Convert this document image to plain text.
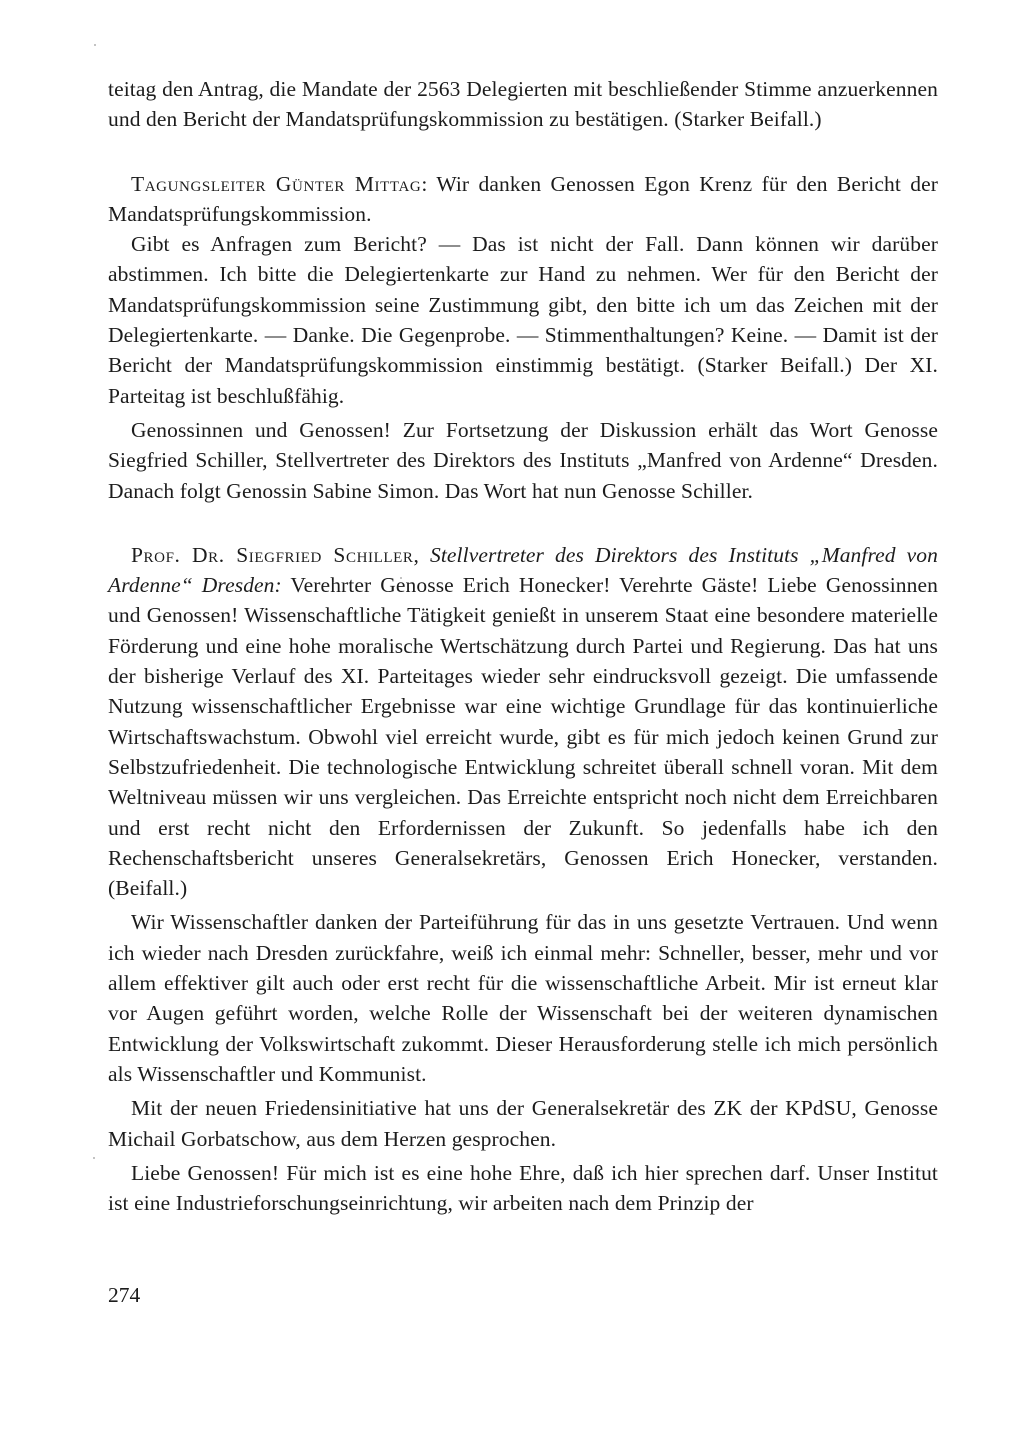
teitag den Antrag, die Mandate der 2563 Delegierten mit beschließender Stimme anzuerkennen und den Bericht der Mandatsprüfungskommission zu bestätigen. (Starker Beifall.)

Tagungsleiter Günter Mittag: Wir danken Genossen Egon Krenz für den Bericht der Mandatsprüfungskommission.

Gibt es Anfragen zum Bericht? — Das ist nicht der Fall. Dann können wir darüber abstimmen. Ich bitte die Delegiertenkarte zur Hand zu nehmen. Wer für den Bericht der Mandatsprüfungskommission seine Zustimmung gibt, den bitte ich um das Zeichen mit der Delegiertenkarte. — Danke. Die Gegenprobe. — Stimmenthaltungen? Keine. — Damit ist der Bericht der Mandatsprüfungskommission einstimmig bestätigt. (Starker Beifall.) Der XI. Parteitag ist beschlußfähig.

Genossinnen und Genossen! Zur Fortsetzung der Diskussion erhält das Wort Genosse Siegfried Schiller, Stellvertreter des Direktors des Instituts „Manfred von Ardenne“ Dresden. Danach folgt Genossin Sabine Simon. Das Wort hat nun Genosse Schiller.

Prof. Dr. Siegfried Schiller, Stellvertreter des Direktors des Instituts „Manfred von Ardenne“ Dresden: Verehrter Genosse Erich Honecker! Verehrte Gäste! Liebe Genossinnen und Genossen! Wissenschaftliche Tätigkeit genießt in unserem Staat eine besondere materielle Förderung und eine hohe moralische Wertschätzung durch Partei und Regierung. Das hat uns der bisherige Verlauf des XI. Parteitages wieder sehr eindrucksvoll gezeigt. Die umfassende Nutzung wissenschaftlicher Ergebnisse war eine wichtige Grundlage für das kontinuierliche Wirtschaftswachstum. Obwohl viel erreicht wurde, gibt es für mich jedoch keinen Grund zur Selbstzufriedenheit. Die technologische Entwicklung schreitet überall schnell voran. Mit dem Weltniveau müssen wir uns vergleichen. Das Erreichte entspricht noch nicht dem Erreichbaren und erst recht nicht den Erfordernissen der Zukunft. So jedenfalls habe ich den Rechenschaftsbericht unseres Generalsekretärs, Genossen Erich Honecker, verstanden. (Beifall.)

Wir Wissenschaftler danken der Parteiführung für das in uns gesetzte Vertrauen. Und wenn ich wieder nach Dresden zurückfahre, weiß ich einmal mehr: Schneller, besser, mehr und vor allem effektiver gilt auch oder erst recht für die wissenschaftliche Arbeit. Mir ist erneut klar vor Augen geführt worden, welche Rolle der Wissenschaft bei der weiteren dynamischen Entwicklung der Volkswirtschaft zukommt. Dieser Herausforderung stelle ich mich persönlich als Wissenschaftler und Kommunist.

Mit der neuen Friedensinitiative hat uns der Generalsekretär des ZK der KPdSU, Genosse Michail Gorbatschow, aus dem Herzen gesprochen.

Liebe Genossen! Für mich ist es eine hohe Ehre, daß ich hier sprechen darf. Unser Institut ist eine Industrieforschungseinrichtung, wir arbeiten nach dem Prinzip der

274
